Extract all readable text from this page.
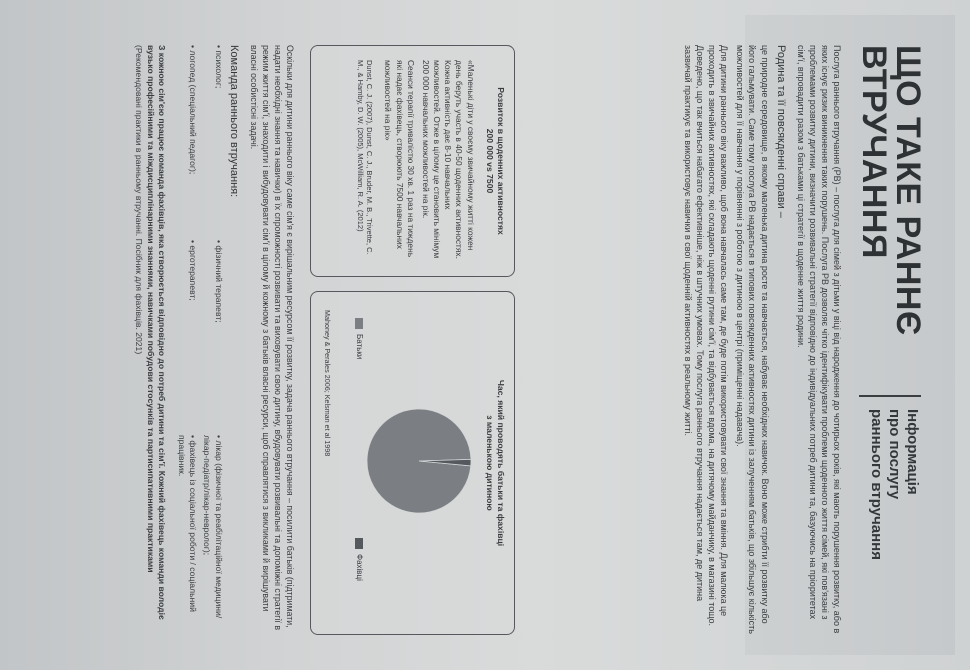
ЩО ТАКЕ РАННЄ
ВТРУЧАННЯ
Інформація
про послугу
раннього втручання

Послуга раннього втручання (РВ) – послуга для сімей з дітьми у віці від народження до чотирьох років, які мають порушення розвитку, або в яких існує ризик виникнення таких порушень. Послуга РВ дозволяє чітко ідентифікувати проблеми щоденного життя сімей, які пов'язані з проблемами розвитку дитини, визначити розвивальні стратегії відповідно до індивідуальних потреб дитини та, базуючись на пріоритетах сім'ї, впровадити разом з батьками ці стратегії в щоденне життя родини.

Родина та її повсякденні справи –

це природне середовище, в якому маленька дитина росте та навчається, набуває необхідних навичок. Воно може стрибти її розвитку або його гальмувати. Саме тому послуга РВ надається в типових повсякденних активностях дитини із залученням батьків, що збільшує кількість можливостей для її навчання у порівнянні з роботою з дитиною в центрі (приміщенні надавача).

Для дитини раннього віку важливо, щоб вона навчалась саме там, де буде потім використовувати свої знання та вміння. Для малюка це проходить в звичайних активностях, які складають щоденні рутини сім'ї, та відбувається вдома, на дитячому майданчику, в магазині тощо. Доведено, що так вчиться набагато ефективніше, ніж в штучних умовах. Тому послуга раннього втручання надається там, де дитина зазвичай практикує та використовує навички в свої щоденній активностях в реальному житті.

Розвиток в щоденних активностях
200 000 vs 7500

«Маленькі діти у своєму звичайному житті кожен день беруть участь в 40-50 щоденних активностях. Кожна активність дає 8-10 навчальних можливостей. Отже в цілому це становить мінімум 200 000 навчальних можливостей на рік.

Сеанси терапії тривалістю 30 хв. 1 раз на тиждень які надає фахівець, створюють 7500 навчальних можливостей на рік»

Dunst, C. J. (2007), Dunst, C. J., Bruder, M. B., Trivette, C. M., & Hamby, D. W. (2005), McWilliam, R. A. (2012)
Час, який проводять батьки та фахівці
з маленькою дитиною
Батьки
Фахівці
Mahoney & Perales 2006; Kelsman et al 1998

Оскільки для дитини раннього віку саме сім'я є вирішальним ресурсом її розвитку, задача раннього втручання – посилити батьків (підтримати, надати необхідні знання та навички) в їх спроможності розвивати та виховувати свою дитину, вбудовувати розвивальні та допоміжні стратегії в режим життя сім'ї, знаходити і вибудовувати сім'ї в цілому й кожному з батьків власні ресурси, щоб справлятися з викликами й вирішувати власні особистісні задачі.

Команда раннього втручання:
• психолог;
• фізичний терапевт;
• лікар (фізичної та реабілітаційної медицини/ лікар-педіатр/лікар-невролог);
• логопед (спеціальний педагог);
• ерготерапевт;
• фахівець із соціальної роботи / соціальний працівник.

З кожною сім'єю працює команда фахівців, яка створюється відповідно до потреб дитини та сім'ї. Кожний фахівець команди володіє вузько професійними та міждисциплінарними знаннями, навичками побудови стосунків та партисипативними практиками (Рекомендовані практики в ранньому втручанні. Посібник для фахівців. 2021)
